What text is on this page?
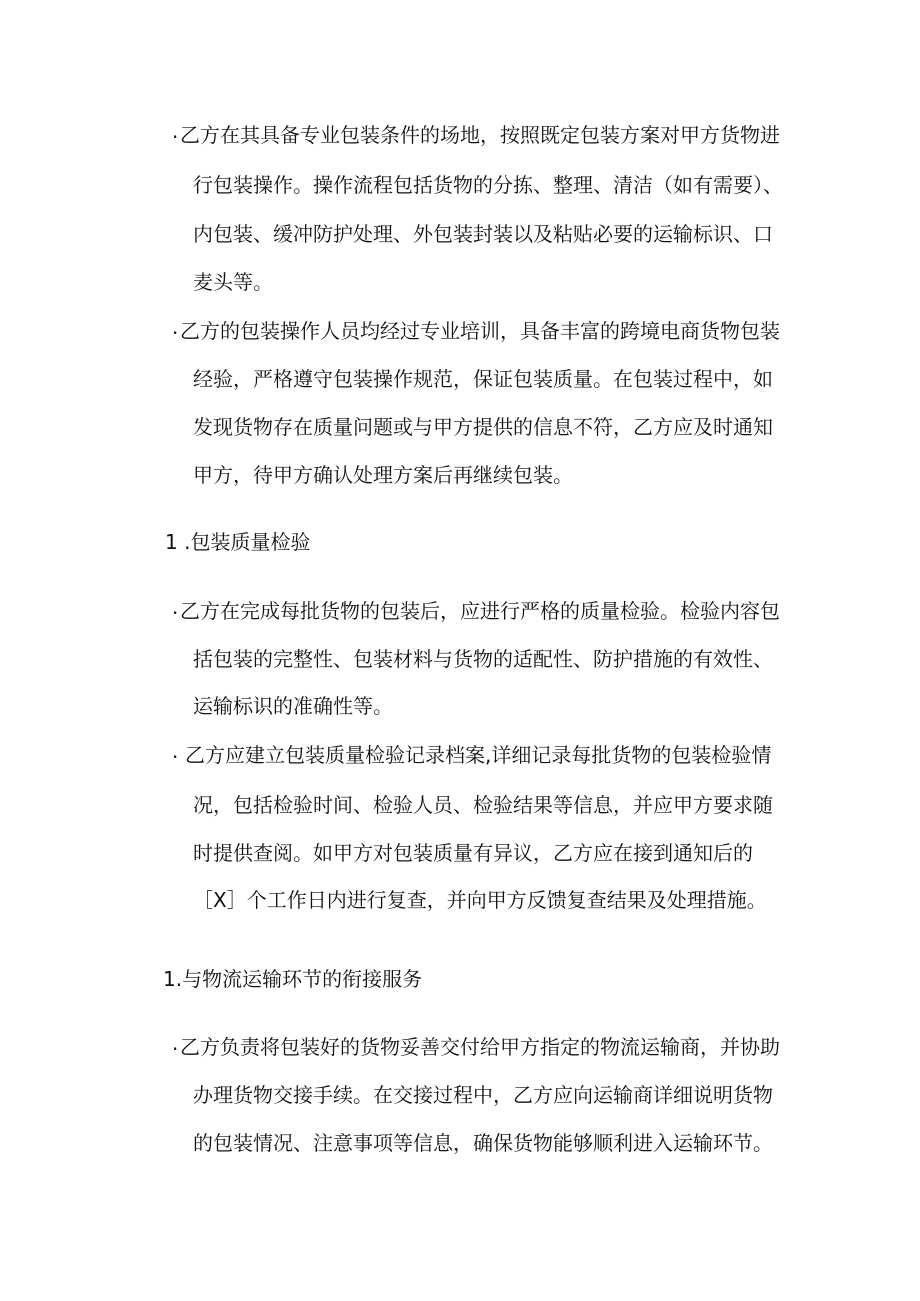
· 乙方在其具备专业包装条件的场地，按照既定包装方案对甲方货物进
行包装操作。操作流程包括货物的分拣、整理、清洁（如有需要）、
内包装、缓冲防护处理、外包装封装以及粘贴必要的运输标识、口
麦头等。
· 乙方的包装操作人员均经过专业培训，具备丰富的跨境电商货物包装
经验，严格遵守包装操作规范，保证包装质量。在包装过程中，如
发现货物存在质量问题或与甲方提供的信息不符，乙方应及时通知
甲方，待甲方确认处理方案后再继续包装。
1 .包装质量检验
· 乙方在完成每批货物的包装后，应进行严格的质量检验。检验内容包
括包装的完整性、包装材料与货物的适配性、防护措施的有效性、
运输标识的准确性等。
· 乙方应建立包装质量检验记录档案,详细记录每批货物的包装检验情
况，包括检验时间、检验人员、检验结果等信息，并应甲方要求随
时提供查阅。如甲方对包装质量有异议，乙方应在接到通知后的
［X］个工作日内进行复查，并向甲方反馈复查结果及处理措施。
1.与物流运输环节的衔接服务
· 乙方负责将包装好的货物妥善交付给甲方指定的物流运输商，并协助
办理货物交接手续。在交接过程中，乙方应向运输商详细说明货物
的包装情况、注意事项等信息，确保货物能够顺利进入运输环节。
